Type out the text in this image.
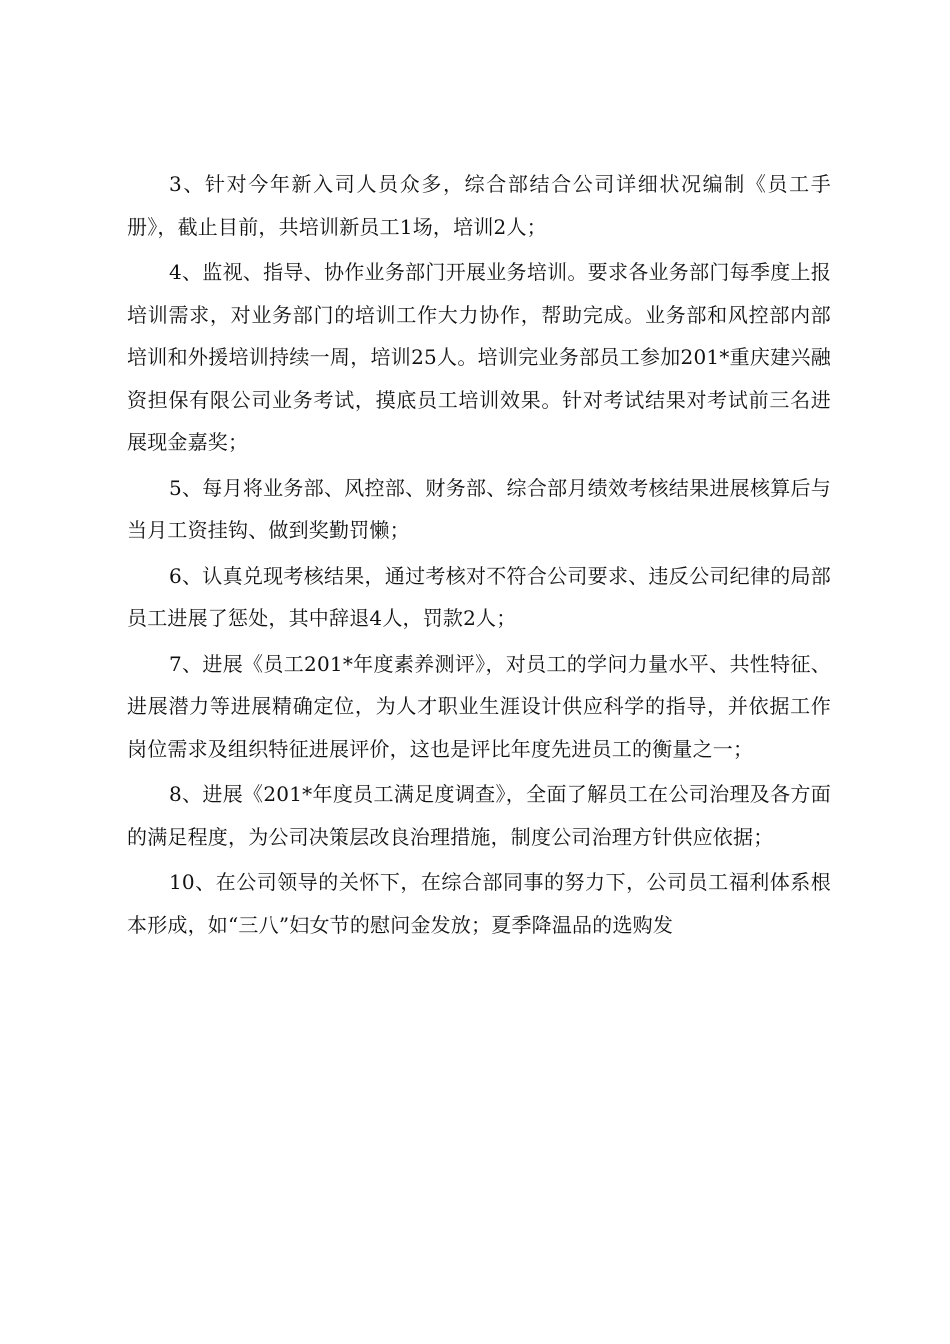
3、针对今年新入司人员众多，综合部结合公司详细状况编制《员工手册》，截止目前，共培训新员工1场，培训2人；

4、监视、指导、协作业务部门开展业务培训。要求各业务部门每季度上报培训需求，对业务部门的培训工作大力协作，帮助完成。业务部和风控部内部培训和外援培训持续一周，培训25人。培训完业务部员工参加201*重庆建兴融资担保有限公司业务考试，摸底员工培训效果。针对考试结果对考试前三名进展现金嘉奖；

5、每月将业务部、风控部、财务部、综合部月绩效考核结果进展核算后与当月工资挂钩、做到奖勤罚懒；

6、认真兑现考核结果，通过考核对不符合公司要求、违反公司纪律的局部员工进展了惩处，其中辞退4人，罚款2人；

7、进展《员工201*年度素养测评》，对员工的学问力量水平、共性特征、进展潜力等进展精确定位，为人才职业生涯设计供应科学的指导，并依据工作岗位需求及组织特征进展评价，这也是评比年度先进员工的衡量之一；

8、进展《201*年度员工满足度调查》，全面了解员工在公司治理及各方面的满足程度，为公司决策层改良治理措施，制度公司治理方针供应依据；

10、在公司领导的关怀下，在综合部同事的努力下，公司员工福利体系根本形成，如“三八”妇女节的慰问金发放；夏季降温品的选购发
